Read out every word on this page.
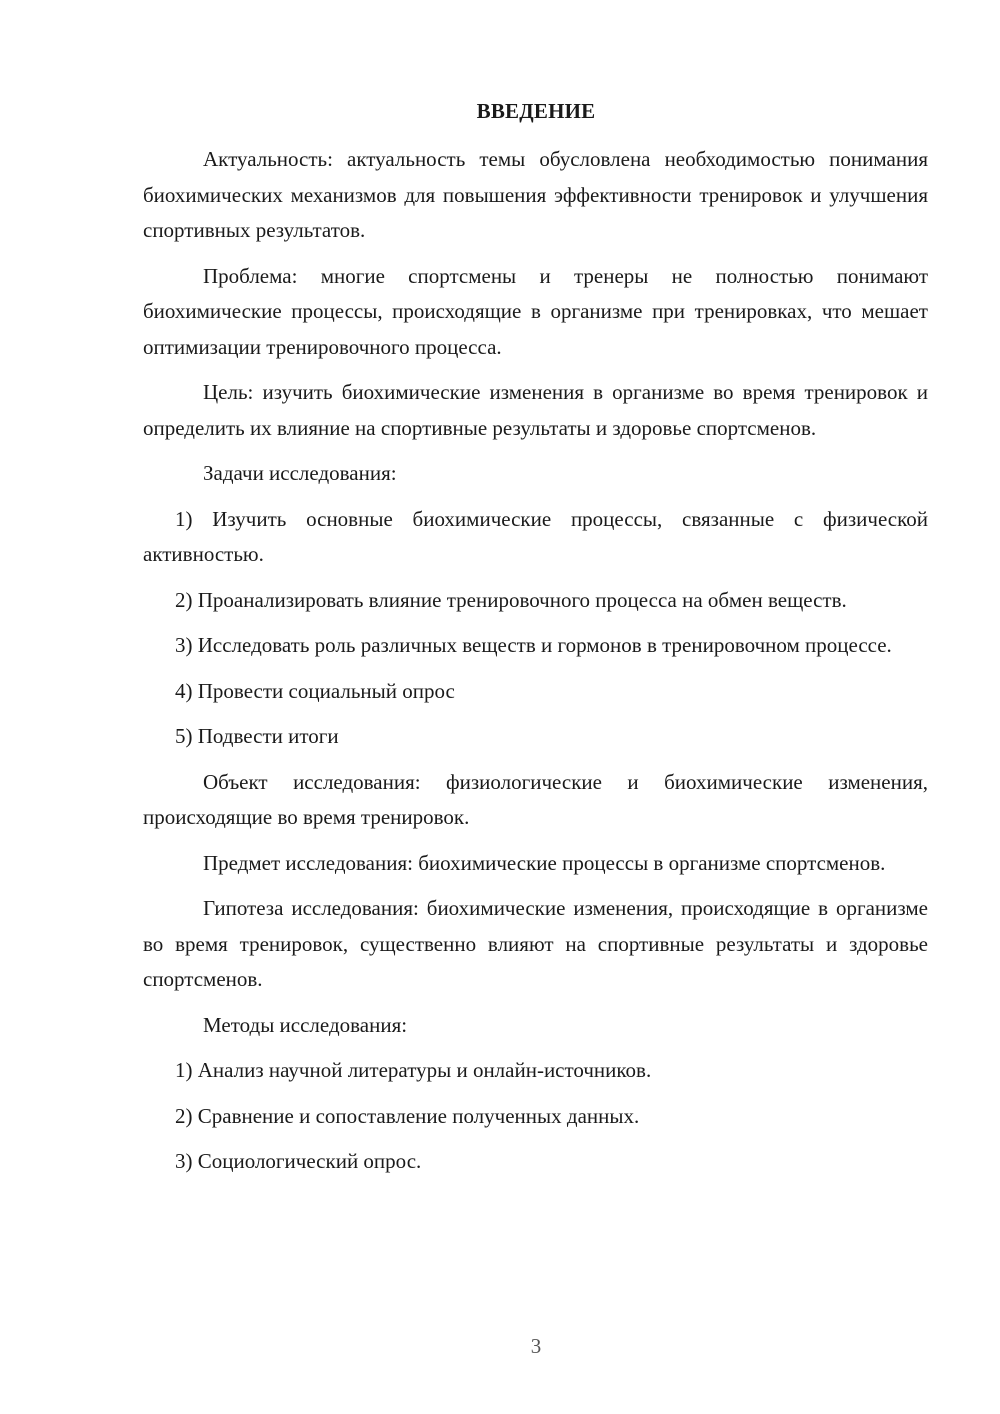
ВВЕДЕНИЕ

Актуальность: актуальность темы обусловлена необходимостью понимания биохимических механизмов для повышения эффективности тренировок и улучшения спортивных результатов.

Проблема: многие спортсмены и тренеры не полностью понимают биохимические процессы, происходящие в организме при тренировках, что мешает оптимизации тренировочного процесса.

Цель: изучить биохимические изменения в организме во время тренировок и определить их влияние на спортивные результаты и здоровье спортсменов.

Задачи исследования:

1) Изучить основные биохимические процессы, связанные с физической активностью.

2) Проанализировать влияние тренировочного процесса на обмен веществ.

3) Исследовать роль различных веществ и гормонов в тренировочном процессе.

4) Провести социальный опрос

5) Подвести итоги

Объект исследования: физиологические и биохимические изменения, происходящие во время тренировок.

Предмет исследования: биохимические процессы в организме спортсменов.

Гипотеза исследования: биохимические изменения, происходящие в организме во время тренировок, существенно влияют на спортивные результаты и здоровье спортсменов.

Методы исследования:

1) Анализ научной литературы и онлайн-источников.

2) Сравнение и сопоставление полученных данных.

3) Социологический опрос.

3
